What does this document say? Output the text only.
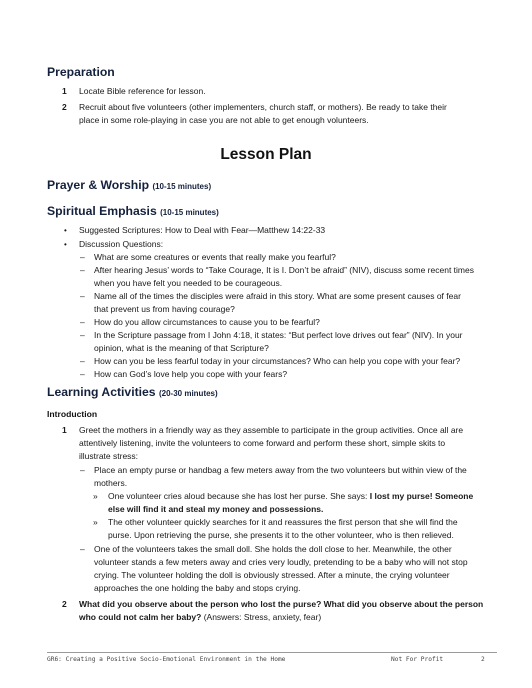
Preparation
1 Locate Bible reference for lesson.
2 Recruit about five volunteers (other implementers, church staff, or mothers). Be ready to take their
place in some role-playing in case you are not able to get enough volunteers.
Lesson Plan
Prayer & Worship (10-15 minutes)
Spiritual Emphasis (10-15 minutes)
• Suggested Scriptures: How to Deal with Fear—Matthew 14:22-33
• Discussion Questions:
– What are some creatures or events that really make you fearful?
– After hearing Jesus’ words to “Take Courage, It is I. Don’t be afraid” (NIV), discuss some recent times
when you have felt you needed to be courageous.
– Name all of the times the disciples were afraid in this story. What are some present causes of fear
that prevent us from having courage?
– How do you allow circumstances to cause you to be fearful?
– In the Scripture passage from I John 4:18, it states: “But perfect love drives out fear” (NIV). In your
opinion, what is the meaning of that Scripture?
– How can you be less fearful today in your circumstances? Who can help you cope with your fear?
– How can God’s love help you cope with your fears?
Learning Activities (20-30 minutes)
Introduction
1 Greet the mothers in a friendly way as they assemble to participate in the group activities. Once all are
attentively listening, invite the volunteers to come forward and perform these short, simple skits to
illustrate stress:
– Place an empty purse or handbag a few meters away from the two volunteers but within view of the
mothers.
» One volunteer cries aloud because she has lost her purse. She says: I lost my purse! Someone
else will find it and steal my money and possessions.
» The other volunteer quickly searches for it and reassures the first person that she will find the
purse. Upon retrieving the purse, she presents it to the other volunteer, who is then relieved.
– One of the volunteers takes the small doll. She holds the doll close to her. Meanwhile, the other
volunteer stands a few meters away and cries very loudly, pretending to be a baby who will not stop
crying. The volunteer holding the doll is obviously stressed. After a minute, the crying volunteer
approaches the one holding the baby and stops crying.
2 What did you observe about the person who lost the purse? What did you observe about the person
who could not calm her baby? (Answers: Stress, anxiety, fear)
GR6: Creating a Positive Socio-Emotional Environment in the Home	Not For Profit	2
